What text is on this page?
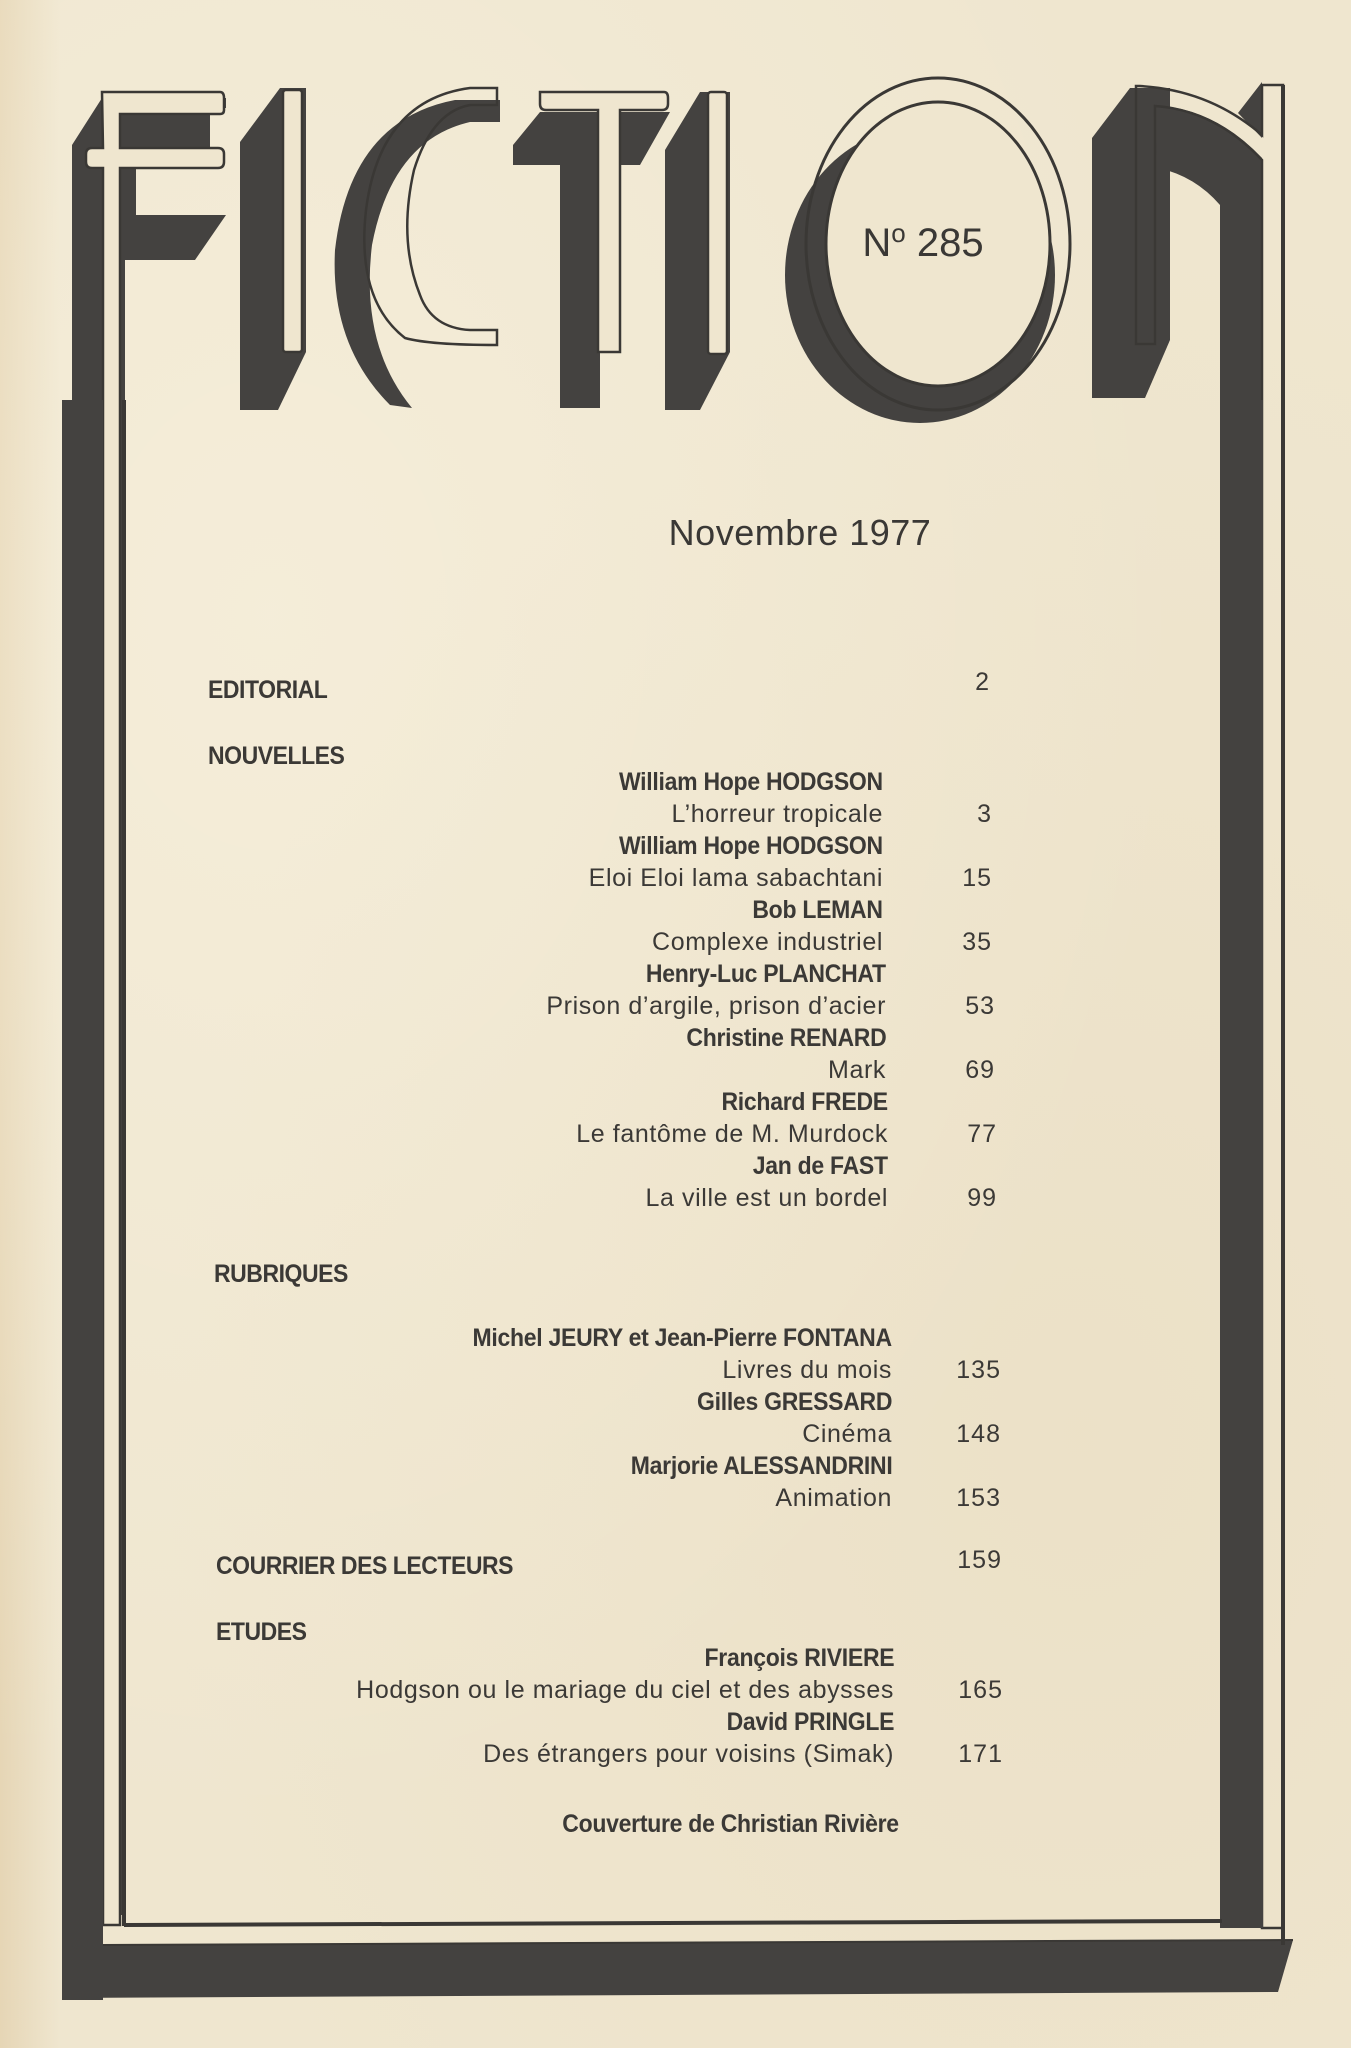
$N^o$ 285
Novembre 1977
EDITORIAL	2
NOUVELLES
William Hope HODGSON
L’horreur tropicale	3
William Hope HODGSON
Eloi Eloi lama sabachtani	15
Bob LEMAN
Complexe industriel	35
Henry-Luc PLANCHAT
Prison d’argile, prison d’acier	53
Christine RENARD
Mark	69
Richard FREDE
Le fantôme de M. Murdock	77
Jan de FAST
La ville est un bordel	99
RUBRIQUES
Michel JEURY et Jean-Pierre FONTANA
Livres du mois	135
Gilles GRESSARD
Cinéma	148
Marjorie ALESSANDRINI
Animation	153
COURRIER DES LECTEURS	159
ETUDES
François RIVIERE
Hodgson ou le mariage du ciel et des abysses	165
David PRINGLE
Des étrangers pour voisins (Simak)	171
Couverture de Christian Rivière
